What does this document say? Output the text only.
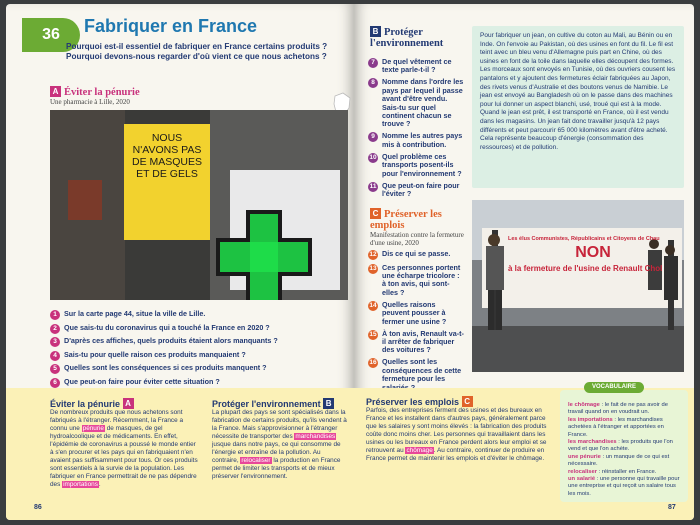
36	Fabriquer en France
Pourquoi est-il essentiel de fabriquer en France certains produits ?
Pourquoi devons-nous regarder d'où vient ce que nous achetons ?
A Éviter la pénurie
Une pharmacie à Lille, 2020
NOUS N'AVONS PAS DE MASQUES ET DE GELS
1 Sur la carte page 44, situe la ville de Lille.
2 Que sais-tu du coronavirus qui a touché la France en 2020 ?
3 D'après ces affiches, quels produits étaient alors manquants ?
4 Sais-tu pour quelle raison ces produits manquaient ?
5 Quelles sont les conséquences si ces produits manquent ?
6 Que peut-on faire pour éviter cette situation ?
Éviter la pénurie A
De nombreux produits que nous achetons sont fabriqués à l'étranger. Récemment, la France a connu une pénurie de masques, de gel hydroalcoolique et de médicaments. En effet, l'épidémie de coronavirus a poussé le monde entier à s'en procurer et les pays qui en fabriquaient n'en avaient pas suffisamment pour tous. Or ces produits sont essentiels à la survie de la population. Les fabriquer en France permettrait de ne pas dépendre des importations.
Protéger l'environnement B
La plupart des pays se sont spécialisés dans la fabrication de certains produits, qu'ils vendent à la France. Mais s'approvisionner à l'étranger nécessite de transporter des marchandises jusque dans notre pays, ce qui consomme de l'énergie et entraîne de la pollution. Au contraire, relocaliser la production en France permet de limiter les transports et de mieux préserver l'environnement.
86
B Protéger l'environnement
7 De quel vêtement ce texte parle-t-il ?
8 Nomme dans l'ordre les pays par lequel il passe avant d'être vendu. Sais-tu sur quel continent chacun se trouve ?
9 Nomme les autres pays mis à contribution.
10 Quel problème ces transports posent-ils pour l'environnement ?
11 Que peut-on faire pour l'éviter ?
Pour fabriquer un jean, on cultive du coton au Mali, au Bénin ou en Inde. On l'envoie au Pakistan, où des usines en font du fil. Le fil est teint avec un bleu venu d'Allemagne puis part en Chine, où des usines en font de la toile dans laquelle elles découpent des formes. Les morceaux sont envoyés en Tunisie, où des ouvriers cousent les pantalons et y ajoutent des fermetures éclair fabriquées au Japon, des rivets venus d'Australie et des boutons venus de Namibie. Le jean est envoyé au Bangladesh où on le passe dans des machines pour lui donner un aspect blanchi, usé, troué qui est à la mode. Quand le jean est prêt, il est transporté en France, où il est vendu dans les magasins. Un jean fait donc travailler jusqu'à 12 pays différents et peut parcourir 65 000 kilomètres avant d'être acheté. Cela représente beaucoup d'énergie (consommation des ressources) et de pollution.
C Préserver les emplois
Manifestation contre la fermeture d'une usine, 2020
12 Dis ce qui se passe.
13 Ces personnes portent une écharpe tricolore : à ton avis, qui sont-elles ?
14 Quelles raisons peuvent pousser à fermer une usine ?
15 À ton avis, Renault va-t-il arrêter de fabriquer des voitures ?
16 Quelles sont les conséquences de cette fermeture pour les
Les élus Communistes, Républicains et Citoyens de Chau
NON
à la fermeture de l'usine de Renault Chol
Préserver les emplois C
Parfois, des entreprises ferment des usines et des bureaux en France et les installent dans d'autres pays, généralement parce que les salaires y sont moins élevés : la fabrication des produits coûte donc moins cher. Les personnes qui travaillaient dans les usines ou les bureaux en France perdent alors leur emploi et se retrouvent au chômage. Au contraire, continuer de produire en France permet de maintenir les emplois et d'éviter le chômage.
VOCABULAIRE
le chômage : le fait de ne pas avoir de travail quand on en voudrait un.
les importations : les marchandises achetées à l'étranger et apportées en France.
les marchandises : les produits que l'on vend et que l'on achète.
une pénurie : un manque de ce qui est nécessaire.
relocaliser : réinstaller en France.
un salarié : une personne qui travaille pour une entreprise et qui reçoit un salaire tous les mois.
87
